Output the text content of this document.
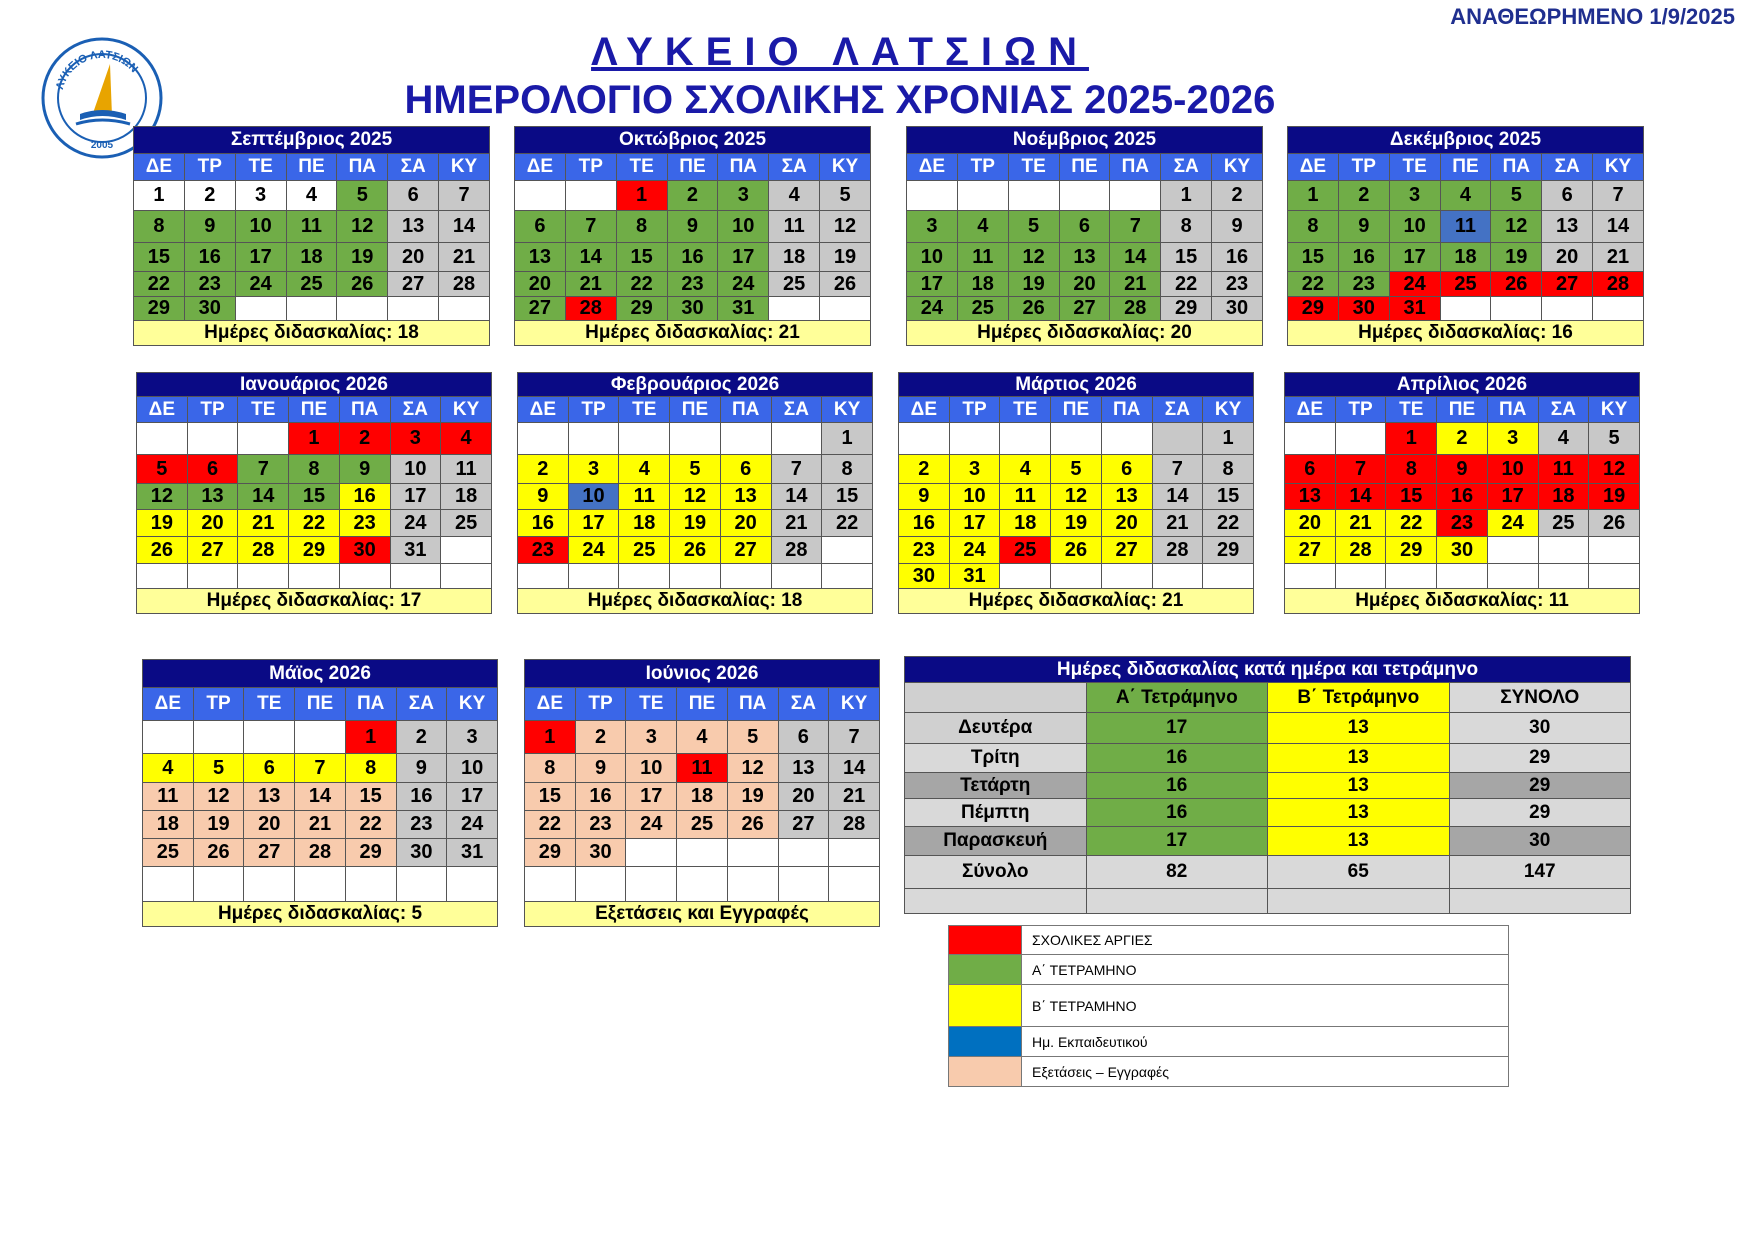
ΑΝΑΘΕΩΡΗΜΕΝΟ 1/9/2025
ΛΥΚΕΙΟ ΛΑΤΣΙΩΝ
2005
ΛΥΚΕΙΟ ΛΑΤΣΙΩΝ
ΗΜΕΡΟΛΟΓΙΟ ΣΧΟΛΙΚΗΣ ΧΡΟΝΙΑΣ 2025-2026
Σεπτέμβριος 2025						
ΔΕ	ΤΡ	ΤΕ	ΠΕ	ΠΑ	ΣΑ	ΚΥ
1	2	3	4	5	6	7
8	9	10	11	12	13	14
15	16	17	18	19	20	21
22	23	24	25	26	27	28
29	30					
Ημέρες διδασκαλίας: 18						
Οκτώβριος 2025						
ΔΕ	ΤΡ	ΤΕ	ΠΕ	ΠΑ	ΣΑ	ΚΥ
		1	2	3	4	5
6	7	8	9	10	11	12
13	14	15	16	17	18	19
20	21	22	23	24	25	26
27	28	29	30	31		
Ημέρες διδασκαλίας: 21						
Νοέμβριος 2025						
ΔΕ	ΤΡ	ΤΕ	ΠΕ	ΠΑ	ΣΑ	ΚΥ
					1	2
3	4	5	6	7	8	9
10	11	12	13	14	15	16
17	18	19	20	21	22	23
24	25	26	27	28	29	30
Ημέρες διδασκαλίας: 20						
Δεκέμβριος 2025						
ΔΕ	ΤΡ	ΤΕ	ΠΕ	ΠΑ	ΣΑ	ΚΥ
1	2	3	4	5	6	7
8	9	10	11	12	13	14
15	16	17	18	19	20	21
22	23	24	25	26	27	28
29	30	31				
Ημέρες διδασκαλίας: 16						
Ιανουάριος 2026						
ΔΕ	ΤΡ	ΤΕ	ΠΕ	ΠΑ	ΣΑ	ΚΥ
			1	2	3	4
5	6	7	8	9	10	11
12	13	14	15	16	17	18
19	20	21	22	23	24	25
26	27	28	29	30	31	

Ημέρες διδασκαλίας: 17						
Φεβρουάριος 2026						
ΔΕ	ΤΡ	ΤΕ	ΠΕ	ΠΑ	ΣΑ	ΚΥ
						1
2	3	4	5	6	7	8
9	10	11	12	13	14	15
16	17	18	19	20	21	22
23	24	25	26	27	28	

Ημέρες διδασκαλίας: 18						
Μάρτιος 2026						
ΔΕ	ΤΡ	ΤΕ	ΠΕ	ΠΑ	ΣΑ	ΚΥ
						1
2	3	4	5	6	7	8
9	10	11	12	13	14	15
16	17	18	19	20	21	22
23	24	25	26	27	28	29
30	31					
Ημέρες διδασκαλίας: 21						
Απρίλιος 2026						
ΔΕ	ΤΡ	ΤΕ	ΠΕ	ΠΑ	ΣΑ	ΚΥ
		1	2	3	4	5
6	7	8	9	10	11	12
13	14	15	16	17	18	19
20	21	22	23	24	25	26
27	28	29	30			

Ημέρες διδασκαλίας: 11						
Μάϊος 2026						
ΔΕ	ΤΡ	ΤΕ	ΠΕ	ΠΑ	ΣΑ	ΚΥ
				1	2	3
4	5	6	7	8	9	10
11	12	13	14	15	16	17
18	19	20	21	22	23	24
25	26	27	28	29	30	31

Ημέρες διδασκαλίας: 5						
Ιούνιος 2026						
ΔΕ	ΤΡ	ΤΕ	ΠΕ	ΠΑ	ΣΑ	ΚΥ
1	2	3	4	5	6	7
8	9	10	11	12	13	14
15	16	17	18	19	20	21
22	23	24	25	26	27	28
29	30					

Εξετάσεις και Εγγραφές						
Ημέρες διδασκαλίας κατά ημέρα και τετράμηνο			
	Α΄ Τετράμηνο	Β΄ Τετράμηνο	ΣΥΝΟΛΟ
Δευτέρα	17	13	30
Τρίτη	16	13	29
Τετάρτη	16	13	29
Πέμπτη	16	13	29
Παρασκευή	17	13	30
Σύνολο	82	65	147

	ΣΧΟΛΙΚΕΣ ΑΡΓΙΕΣ
	Α΄ ΤΕΤΡΑΜΗΝΟ
	Β΄ ΤΕΤΡΑΜΗΝΟ
	Ημ. Εκπαιδευτικού
	Εξετάσεις – Εγγραφές
